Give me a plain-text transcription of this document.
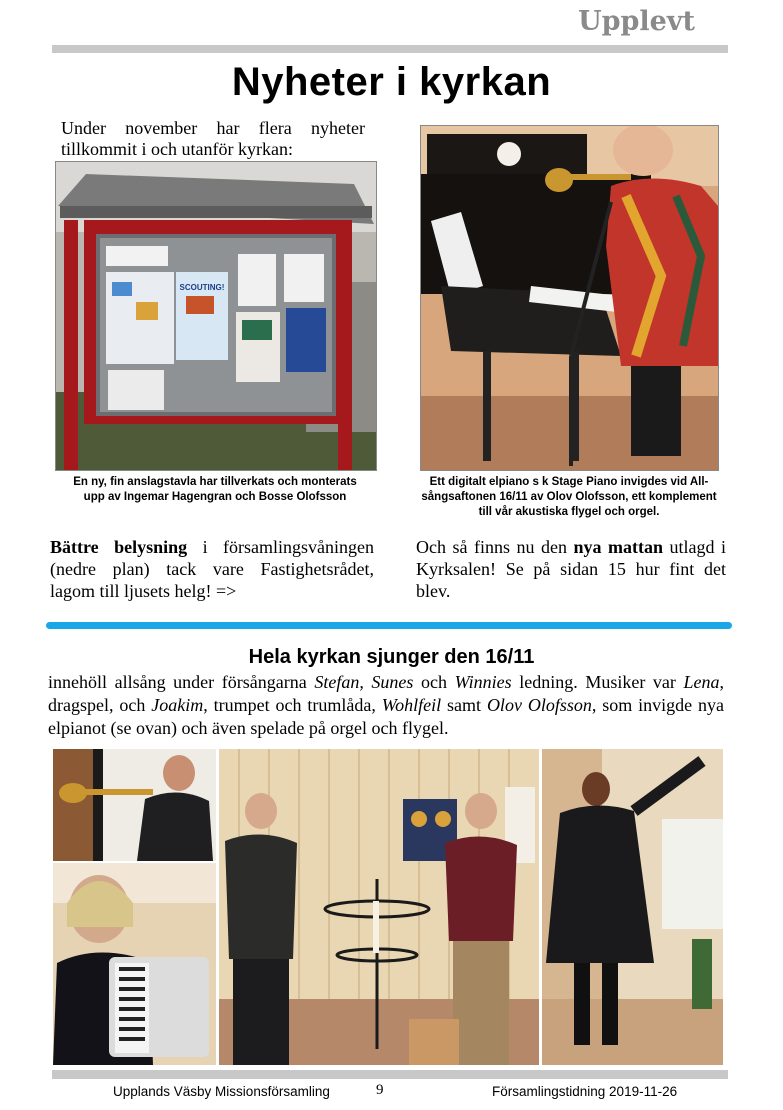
Upplevt
Nyheter i kyrkan
Under november har flera nyheter tillkommit i och utanför kyrkan:
SCOUTING!
En ny, fin anslagstavla har tillverkats och monterats upp av Ingemar Hagengran och Bosse Olofsson
Ett digitalt elpiano s k Stage Piano invigdes vid All-sångsaftonen 16/11 av Olov Olofsson, ett komplement till vår akustiska flygel och orgel.
Bättre belysning i församlingsvåningen (nedre plan) tack vare Fastighetsrådet, lagom till ljusets helg! =>
Och så finns nu den nya mattan utlagd i Kyrksalen! Se på sidan 15 hur fint det blev.
Hela kyrkan sjunger den 16/11
innehöll allsång under försångarna Stefan, Sunes och Winnies ledning. Musiker var Lena, dragspel, och Joakim, trumpet och trumlåda, Wohlfeil samt Olov Olofsson, som invigde nya elpianot (se ovan) och även spelade på orgel och flygel.
Upplands Väsby Missionsförsamling	9	Församlingstidning 2019-11-26
